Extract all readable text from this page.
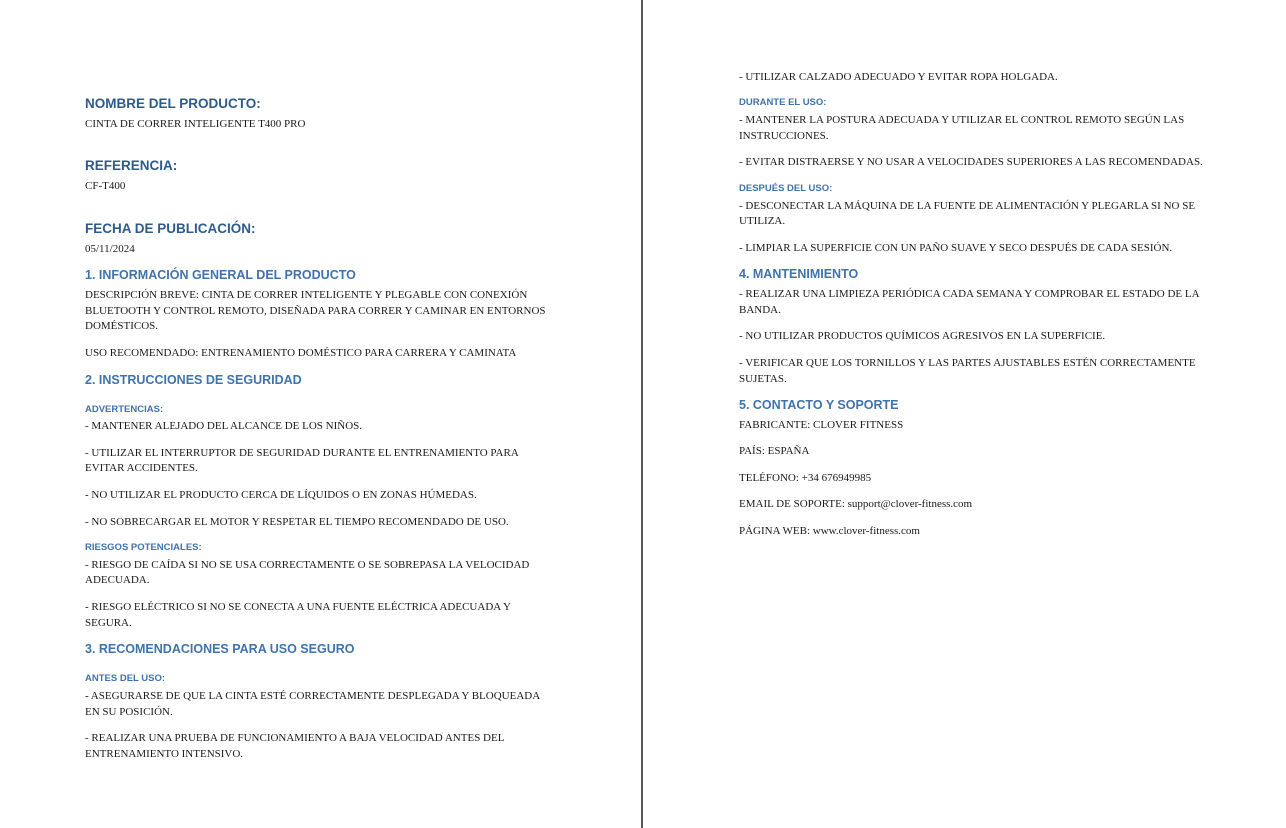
NOMBRE DEL PRODUCTO:

CINTA DE CORRER INTELIGENTE T400 PRO

REFERENCIA:

CF-T400

FECHA DE PUBLICACIÓN:

05/11/2024

1. INFORMACIÓN GENERAL DEL PRODUCTO

DESCRIPCIÓN BREVE: CINTA DE CORRER INTELIGENTE Y PLEGABLE CON CONEXIÓN

BLUETOOTH Y CONTROL REMOTO, DISEÑADA PARA CORRER Y CAMINAR EN ENTORNOS

DOMÉSTICOS.

USO RECOMENDADO: ENTRENAMIENTO DOMÉSTICO PARA CARRERA Y CAMINATA

2. INSTRUCCIONES DE SEGURIDAD

ADVERTENCIAS:

- MANTENER ALEJADO DEL ALCANCE DE LOS NIÑOS.

- UTILIZAR EL INTERRUPTOR DE SEGURIDAD DURANTE EL ENTRENAMIENTO PARA

EVITAR ACCIDENTES.

- NO UTILIZAR EL PRODUCTO CERCA DE LÍQUIDOS O EN ZONAS HÚMEDAS.

- NO SOBRECARGAR EL MOTOR Y RESPETAR EL TIEMPO RECOMENDADO DE USO.

RIESGOS POTENCIALES:

- RIESGO DE CAÍDA SI NO SE USA CORRECTAMENTE O SE SOBREPASA LA VELOCIDAD

ADECUADA.

- RIESGO ELÉCTRICO SI NO SE CONECTA A UNA FUENTE ELÉCTRICA ADECUADA Y

SEGURA.

3. RECOMENDACIONES PARA USO SEGURO

ANTES DEL USO:

- ASEGURARSE DE QUE LA CINTA ESTÉ CORRECTAMENTE DESPLEGADA Y BLOQUEADA

EN SU POSICIÓN.

- REALIZAR UNA PRUEBA DE FUNCIONAMIENTO A BAJA VELOCIDAD ANTES DEL

ENTRENAMIENTO INTENSIVO.

- UTILIZAR CALZADO ADECUADO Y EVITAR ROPA HOLGADA.

DURANTE EL USO:

- MANTENER LA POSTURA ADECUADA Y UTILIZAR EL CONTROL REMOTO SEGÚN LAS

INSTRUCCIONES.

- EVITAR DISTRAERSE Y NO USAR A VELOCIDADES SUPERIORES A LAS RECOMENDADAS.

DESPUÉS DEL USO:

- DESCONECTAR LA MÁQUINA DE LA FUENTE DE ALIMENTACIÓN Y PLEGARLA SI NO SE

UTILIZA.

- LIMPIAR LA SUPERFICIE CON UN PAÑO SUAVE Y SECO DESPUÉS DE CADA SESIÓN.

4. MANTENIMIENTO

- REALIZAR UNA LIMPIEZA PERIÓDICA CADA SEMANA Y COMPROBAR EL ESTADO DE LA

BANDA.

- NO UTILIZAR PRODUCTOS QUÍMICOS AGRESIVOS EN LA SUPERFICIE.

- VERIFICAR QUE LOS TORNILLOS Y LAS PARTES AJUSTABLES ESTÉN CORRECTAMENTE

SUJETAS.

5. CONTACTO Y SOPORTE

FABRICANTE: CLOVER FITNESS

PAÍS: ESPAÑA

TELÉFONO: +34 676949985

EMAIL DE SOPORTE: support@clover-fitness.com

PÁGINA WEB: www.clover-fitness.com
